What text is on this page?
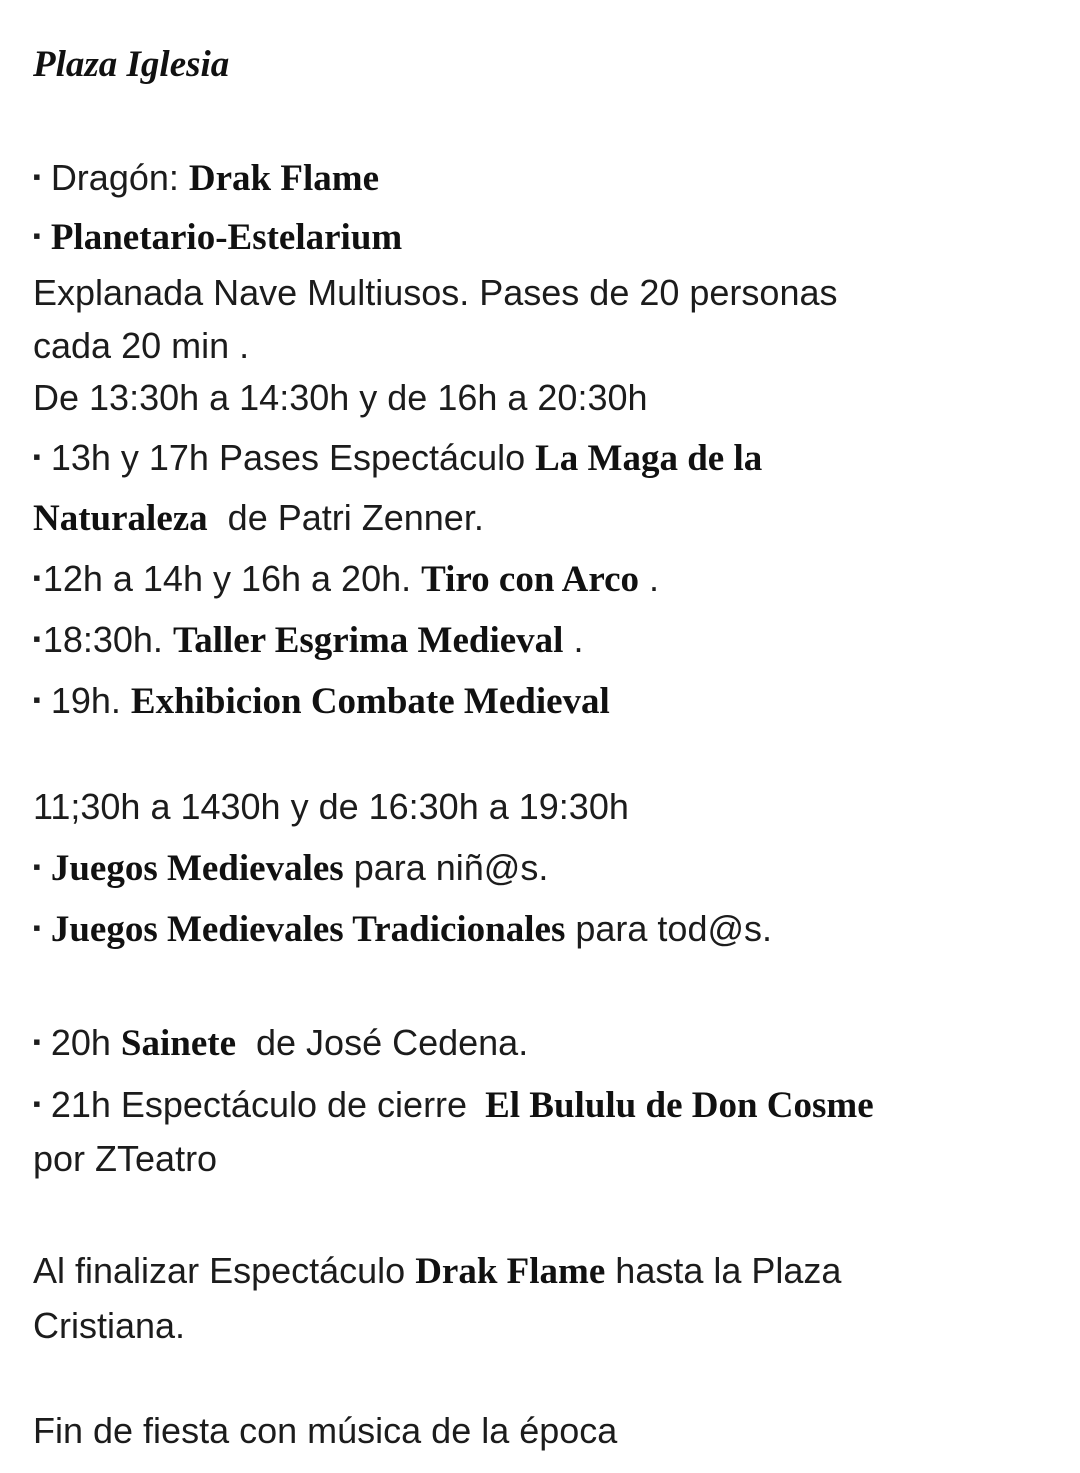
Plaza Iglesia
▪ Dragón: Drak Flame
▪ Planetario-Estelarium
Explanada Nave Multiusos. Pases de 20 personas
cada 20 min .
De 13:30h a 14:30h y de 16h a 20:30h
▪ 13h y 17h Pases Espectáculo La Maga de la
Naturaleza de Patri Zenner.
▪12h a 14h y 16h a 20h. Tiro con Arco .
▪18:30h. Taller Esgrima Medieval .
▪ 19h. Exhibicion Combate Medieval
11;30h a 1430h y de 16:30h a 19:30h
▪ Juegos Medievales para niñ@s.
▪ Juegos Medievales Tradicionales para tod@s.
▪ 20h Sainete de José Cedena.
▪ 21h Espectáculo de cierre El Bululu de Don Cosme
por ZTeatro
Al finalizar Espectáculo Drak Flame hasta la Plaza
Cristiana.
Fin de fiesta con música de la época
